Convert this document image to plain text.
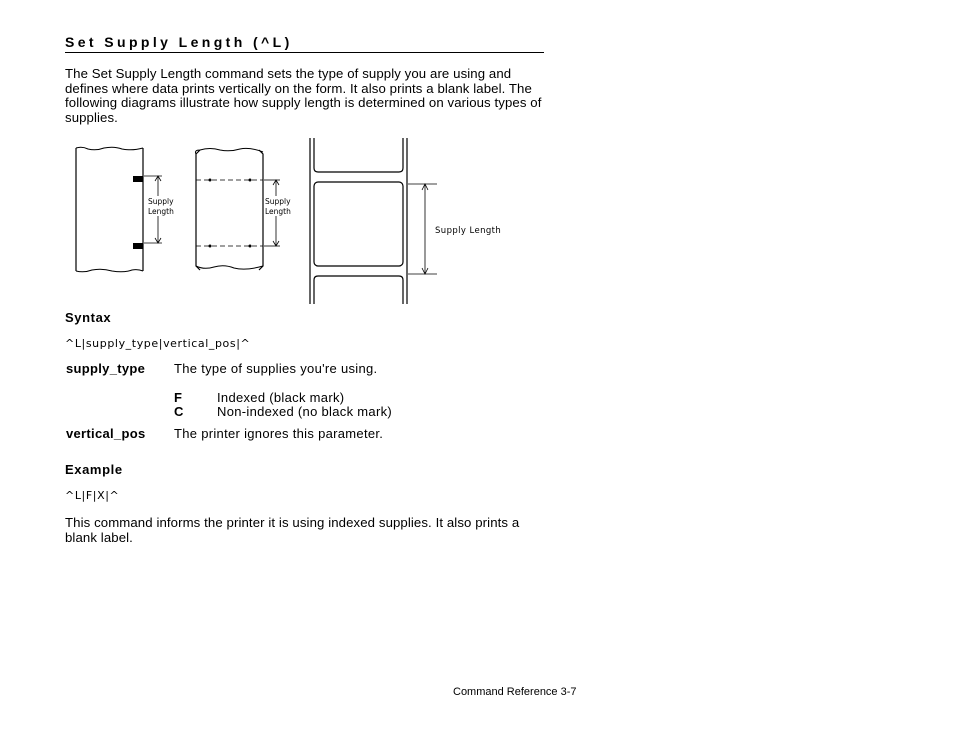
Set Supply Length (^L)
The Set Supply Length command sets the type of supply you are using and defines where data prints vertically on the form. It also prints a blank label. The following diagrams illustrate how supply length is determined on various types of supplies.
Supply
Length
Supply
Length
Supply Length
Syntax
^L|supply_type|vertical_pos|^
supply_type The type of supplies you're using.
F	Indexed (black mark)
C	Non-indexed (no black mark)
vertical_pos The printer ignores this parameter.
Example
^L|F|X|^
This command informs the printer it is using indexed supplies. It also prints a blank label.
Command Reference 3-7
